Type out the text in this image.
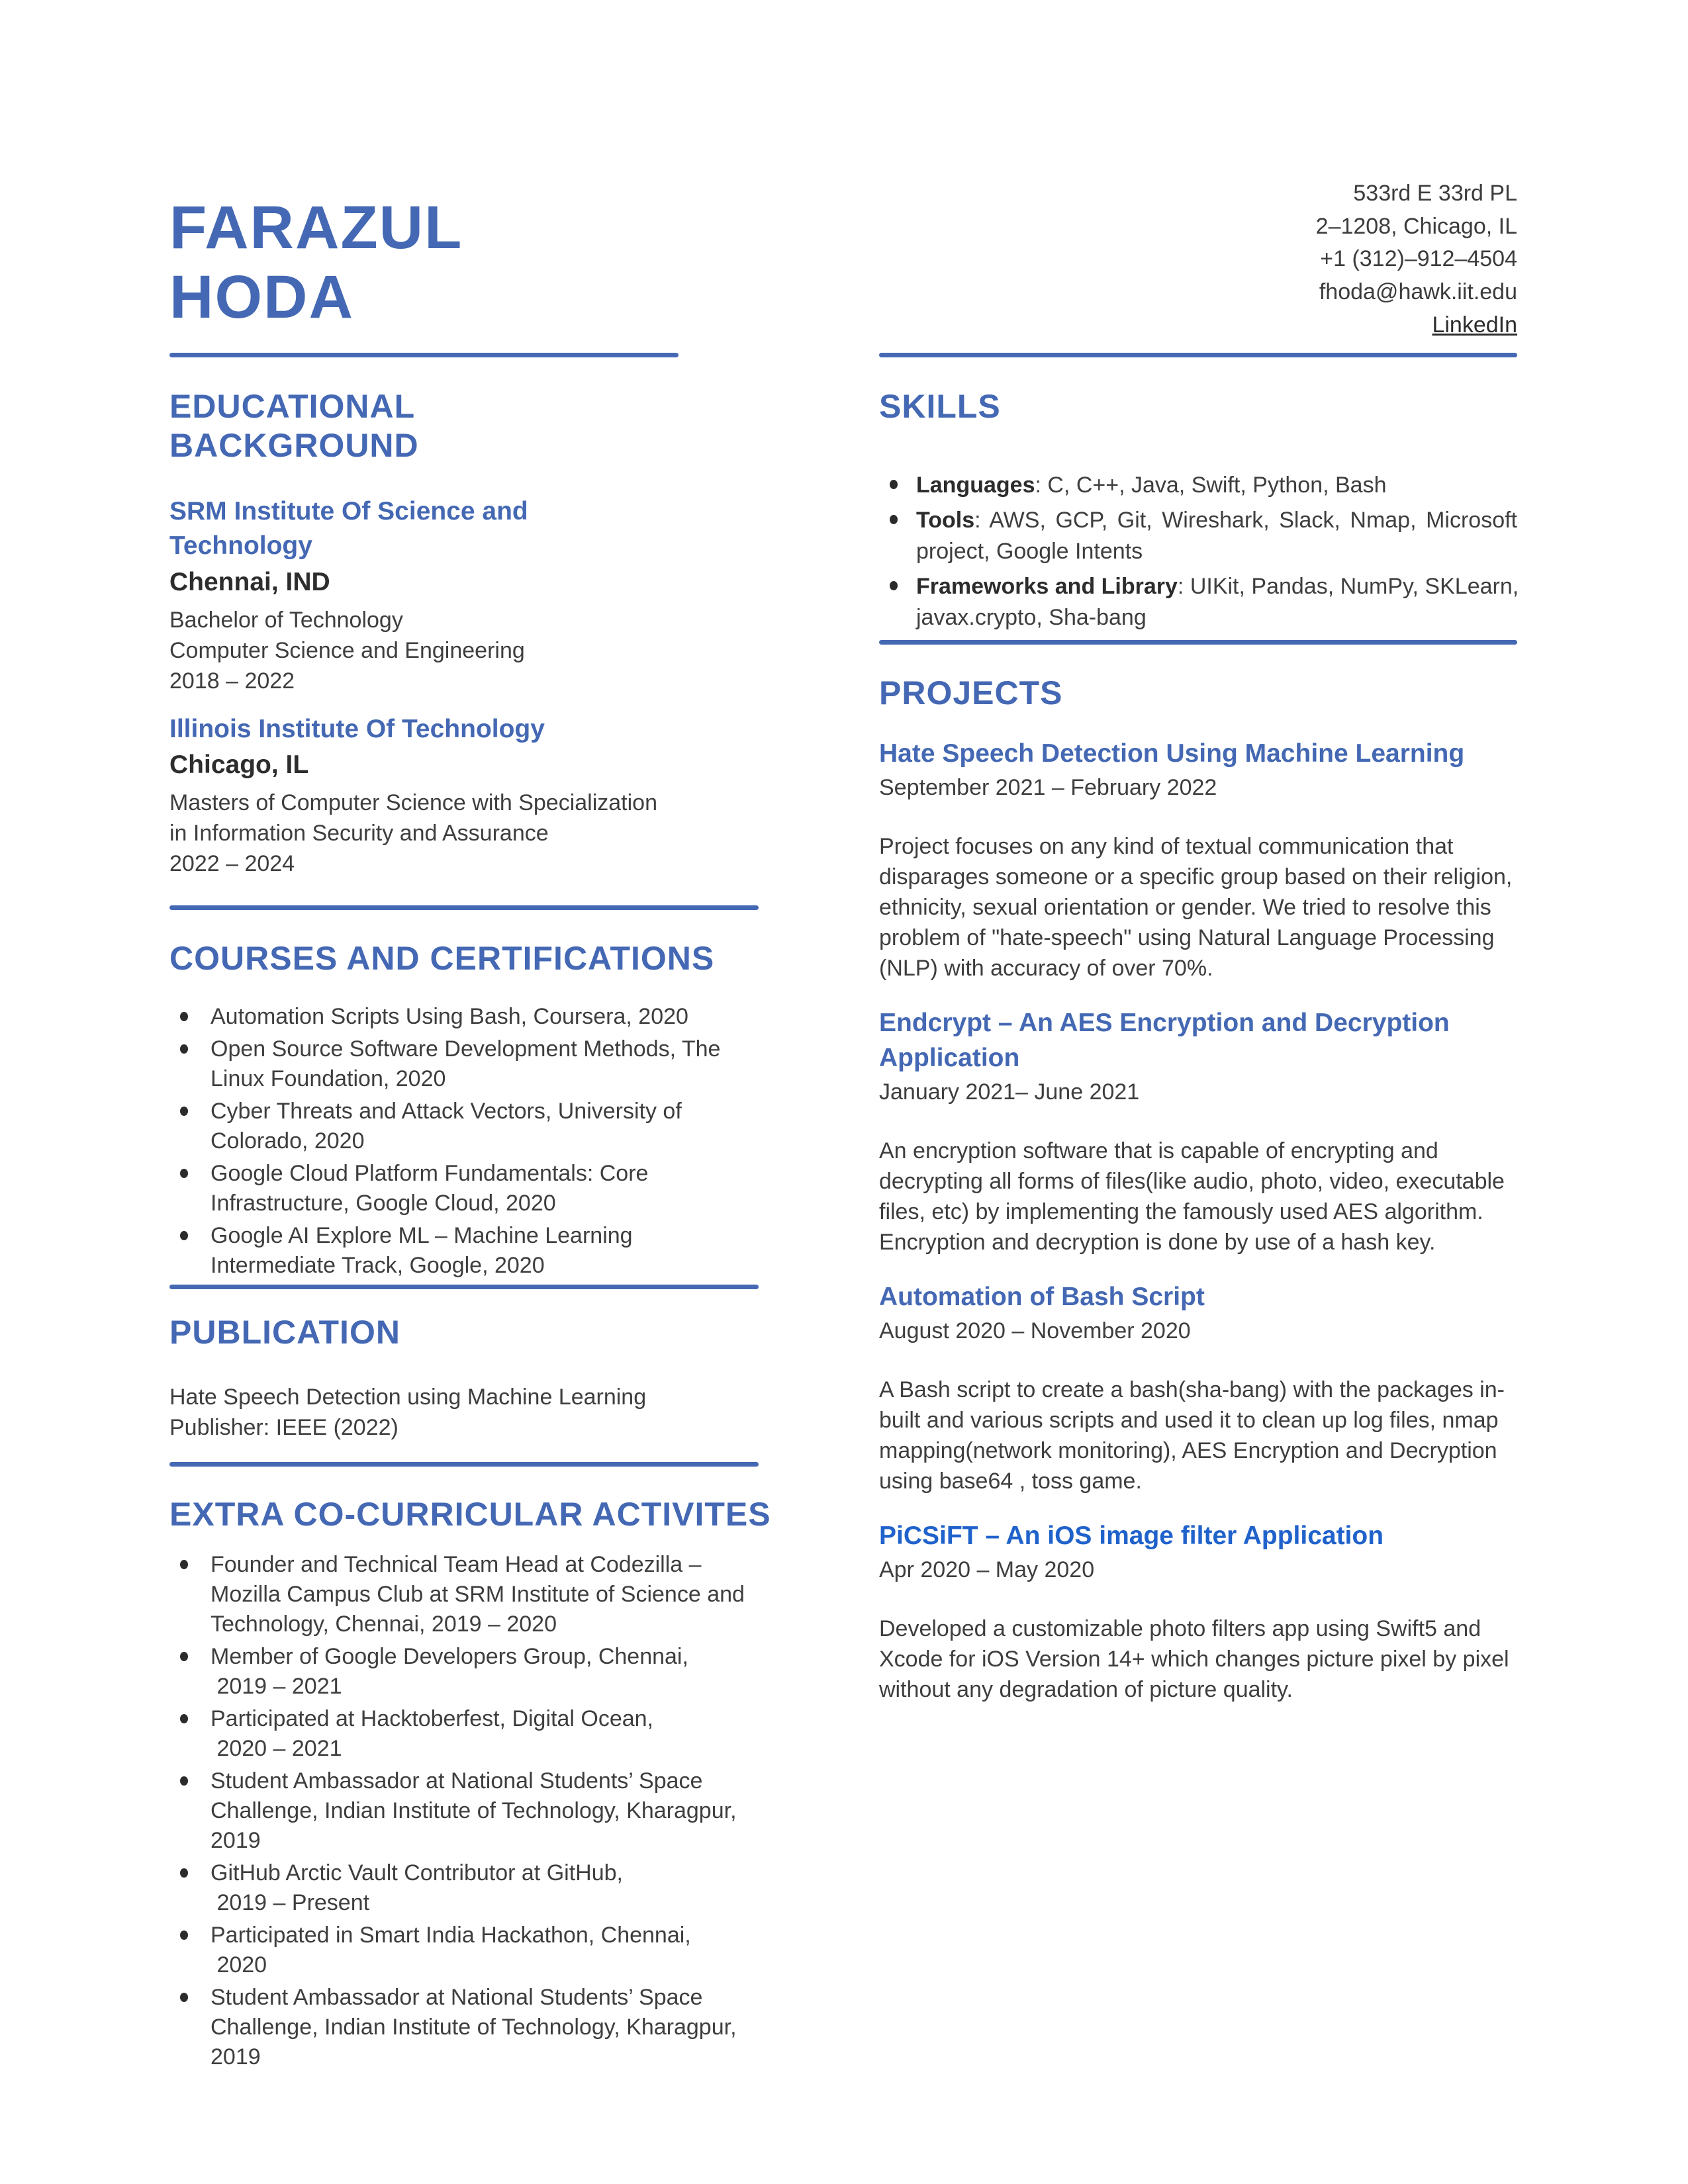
FARAZUL
HODA
533rd E 33rd PL
2–1208, Chicago, IL
+1 (312)–912–4504
fhoda@hawk.iit.edu
LinkedIn
EDUCATIONAL BACKGROUND
SRM Institute Of Science and Technology
Chennai, IND
Bachelor of Technology
Computer Science and Engineering
2018 – 2022
Illinois Institute Of Technology
Chicago, IL
Masters of Computer Science with Specialization
in Information Security and Assurance
2022 – 2024
COURSES AND CERTIFICATIONS
Automation Scripts Using Bash, Coursera, 2020
Open Source Software Development Methods, The
Linux Foundation, 2020
Cyber Threats and Attack Vectors, University of
Colorado, 2020
Google Cloud Platform Fundamentals: Core
Infrastructure, Google Cloud, 2020
Google AI Explore ML – Machine Learning
Intermediate Track, Google, 2020
PUBLICATION
Hate Speech Detection using Machine Learning
Publisher: IEEE (2022)
EXTRA CO-CURRICULAR ACTIVITES
Founder and Technical Team Head at Codezilla –
Mozilla Campus Club at SRM Institute of Science and
Technology, Chennai, 2019 – 2020
Member of Google Developers Group, Chennai,
2019 – 2021
Participated at Hacktoberfest, Digital Ocean,
2020 – 2021
Student Ambassador at National Students’ Space
Challenge, Indian Institute of Technology, Kharagpur,
2019
GitHub Arctic Vault Contributor at GitHub,
2019 – Present
Participated in Smart India Hackathon, Chennai,
2020
Student Ambassador at National Students’ Space
Challenge, Indian Institute of Technology, Kharagpur,
2019
SKILLS
Languages: C, C++, Java, Swift, Python, Bash
Tools: AWS, GCP, Git, Wireshark, Slack, Nmap, Microsoft
project, Google Intents
Frameworks and Library: UIKit, Pandas, NumPy, SKLearn,
javax.crypto, Sha-bang
PROJECTS
Hate Speech Detection Using Machine Learning
September 2021 – February 2022
Project focuses on any kind of textual communication that disparages someone or a specific group based on their religion, ethnicity, sexual orientation or gender. We tried to resolve this problem of "hate-speech" using Natural Language Processing (NLP) with accuracy of over 70%.
Endcrypt – An AES Encryption and Decryption Application
January 2021– June 2021
An encryption software that is capable of encrypting and decrypting all forms of files(like audio, photo, video, executable files, etc) by implementing the famously used AES algorithm. Encryption and decryption is done by use of a hash key.
Automation of Bash Script
August 2020 – November 2020
A Bash script to create a bash(sha-bang) with the packages in-built and various scripts and used it to clean up log files, nmap mapping(network monitoring), AES Encryption and Decryption using base64 , toss game.
PiCSiFT – An iOS image filter Application
Apr 2020 – May 2020
Developed a customizable photo filters app using Swift5 and Xcode for iOS Version 14+ which changes picture pixel by pixel without any degradation of picture quality.
